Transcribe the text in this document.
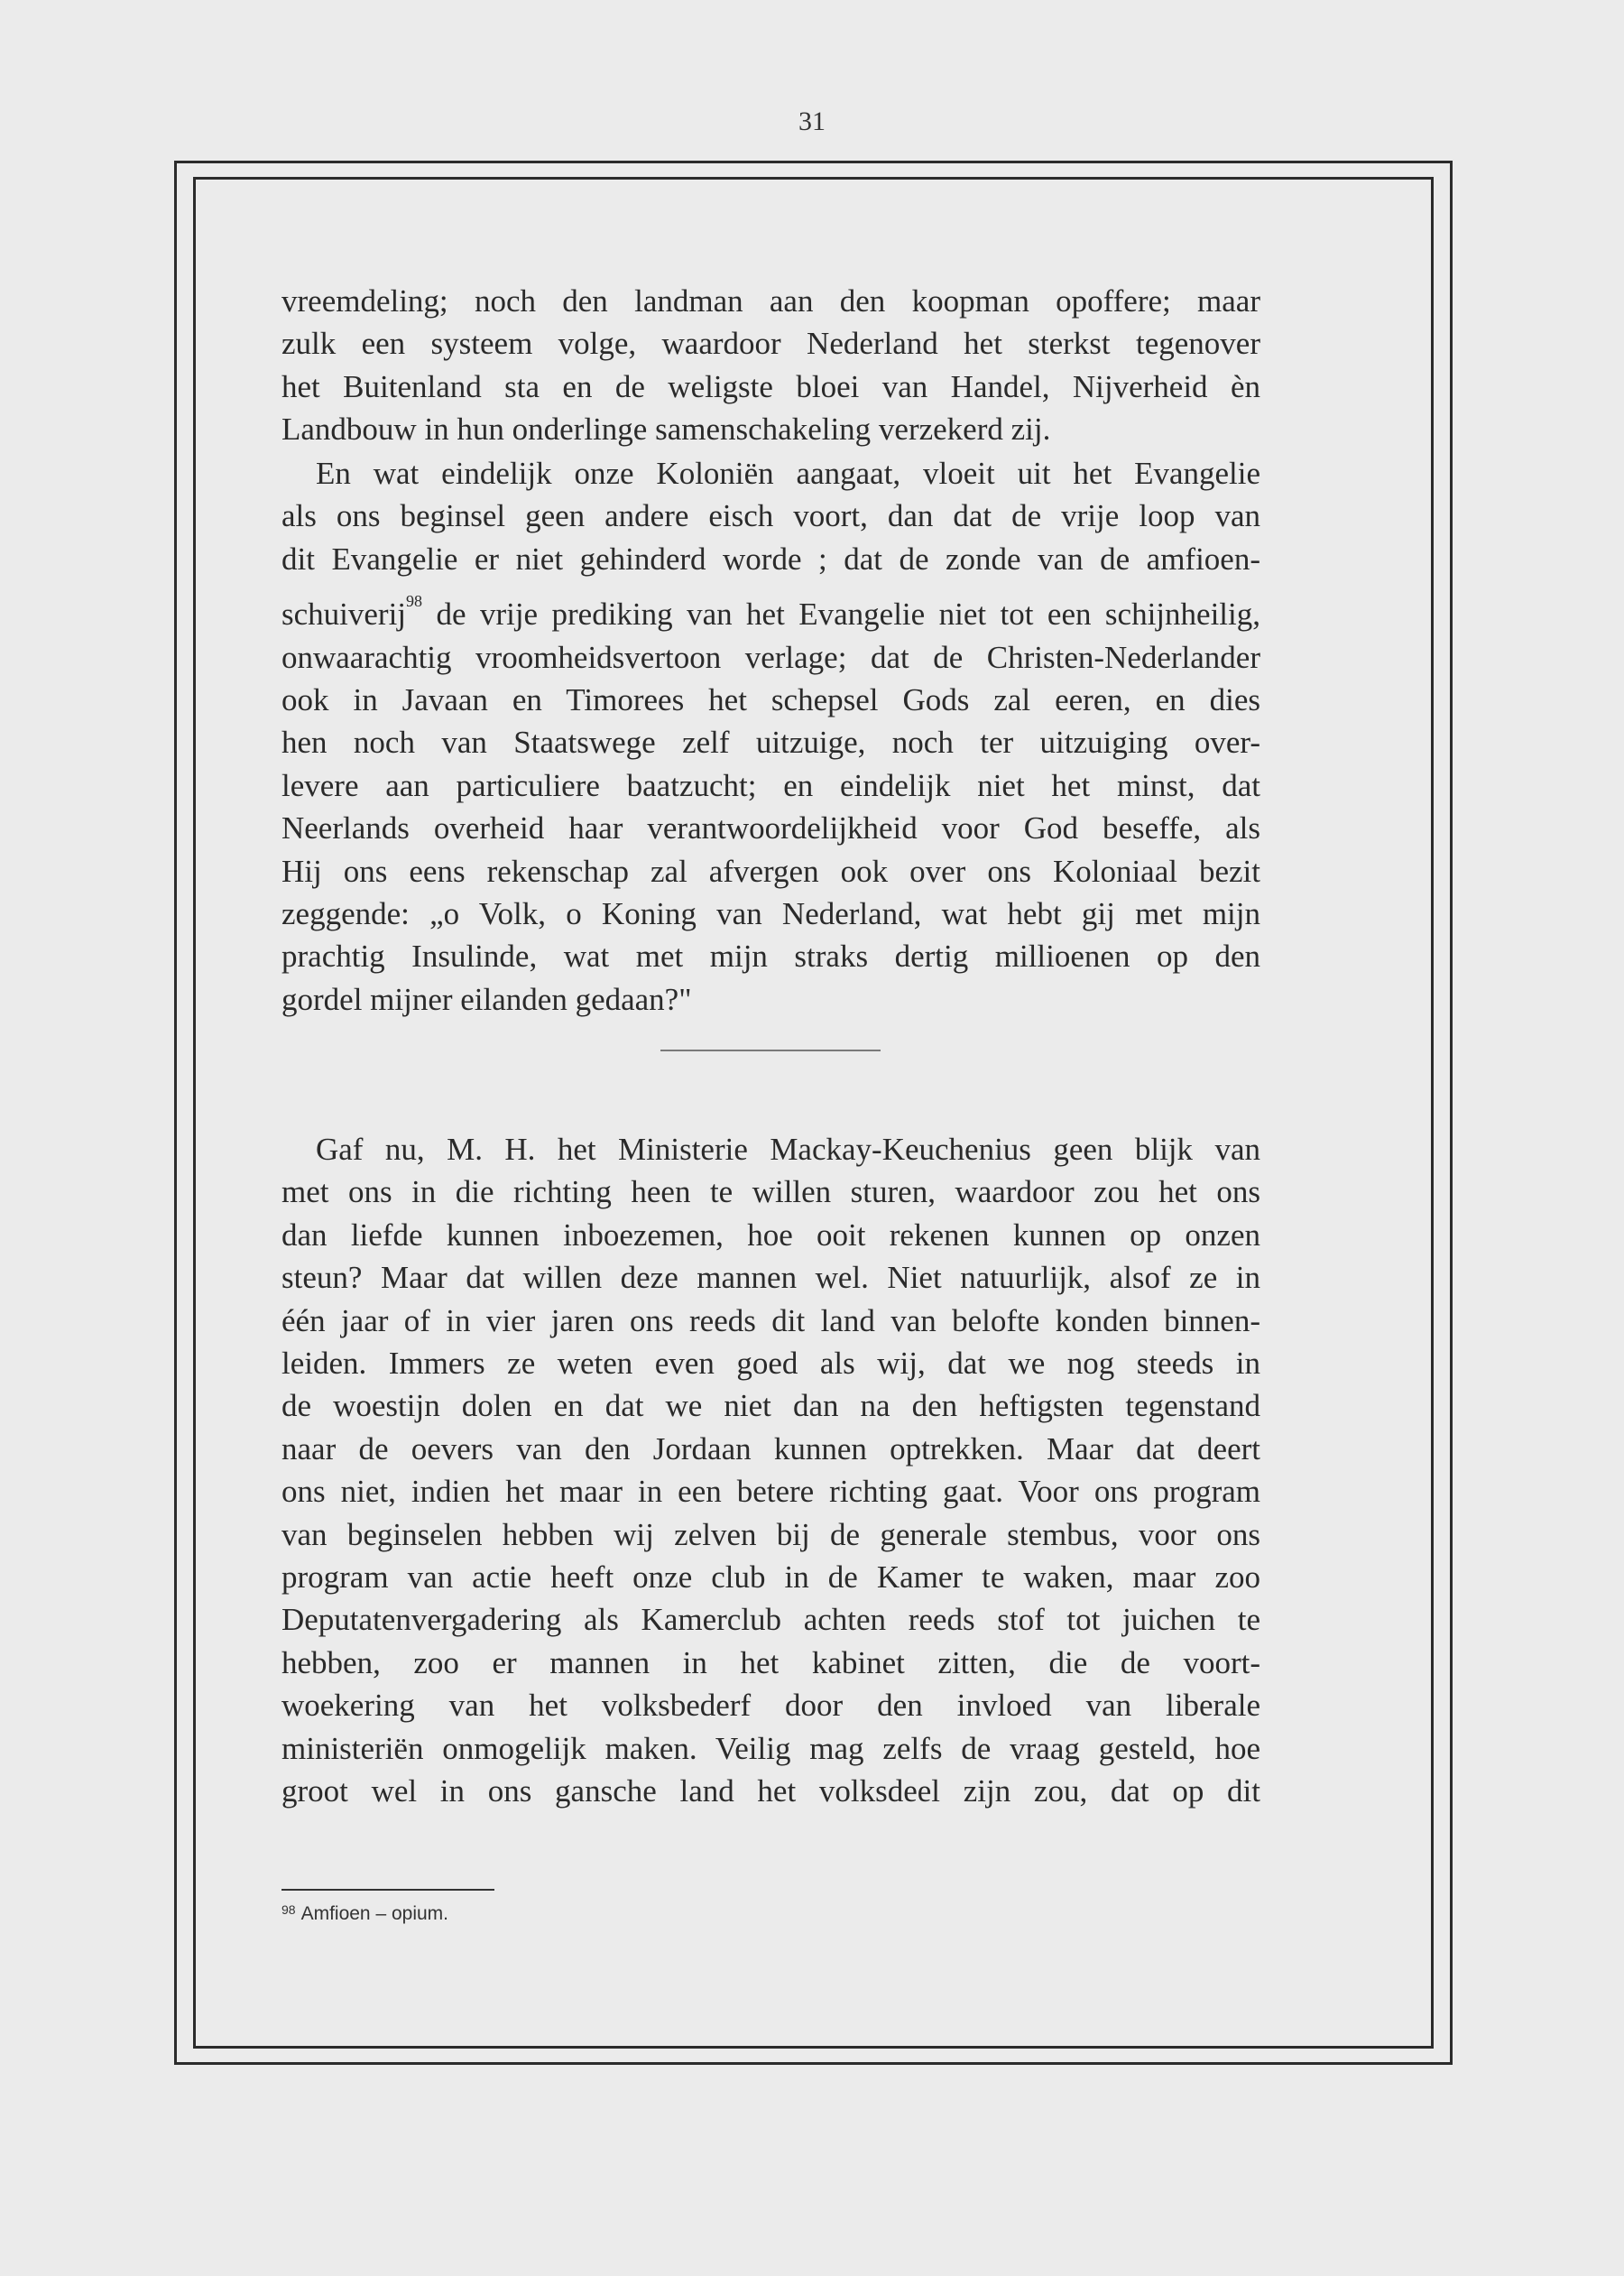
31
vreemdeling; noch den landman aan den koopman opoffere; maar
zulk een systeem volge, waardoor Nederland het sterkst tegenover
het Buitenland sta en de weligste bloei van Handel, Nijverheid èn
Landbouw in hun onderlinge samenschakeling verzekerd zij.
En wat eindelijk onze Koloniën aangaat, vloeit uit het Evangelie
als ons beginsel geen andere eisch voort, dan dat de vrije loop van
dit Evangelie er niet gehinderd worde ; dat de zonde van de amfioen-
schuiverij$^{98}$ de vrije prediking van het Evangelie niet tot een schijnheilig,
onwaarachtig vroomheidsvertoon verlage; dat de Christen-Nederlander
ook in Javaan en Timorees het schepsel Gods zal eeren, en dies
hen noch van Staatswege zelf uitzuige, noch ter uitzuiging over-
levere aan particuliere baatzucht; en eindelijk niet het minst, dat
Neerlands overheid haar verantwoordelijkheid voor God beseffe, als
Hij ons eens rekenschap zal afvergen ook over ons Koloniaal bezit
zeggende: „o Volk, o Koning van Nederland, wat hebt gij met mijn
prachtig Insulinde, wat met mijn straks dertig millioenen op den
gordel mijner eilanden gedaan?"
Gaf nu, M. H. het Ministerie Mackay-Keuchenius geen blijk van
met ons in die richting heen te willen sturen, waardoor zou het ons
dan liefde kunnen inboezemen, hoe ooit rekenen kunnen op onzen
steun? Maar dat willen deze mannen wel. Niet natuurlijk, alsof ze in
één jaar of in vier jaren ons reeds dit land van belofte konden binnen-
leiden. Immers ze weten even goed als wij, dat we nog steeds in
de woestijn dolen en dat we niet dan na den heftigsten tegenstand
naar de oevers van den Jordaan kunnen optrekken. Maar dat deert
ons niet, indien het maar in een betere richting gaat. Voor ons program
van beginselen hebben wij zelven bij de generale stembus, voor ons
program van actie heeft onze club in de Kamer te waken, maar zoo
Deputatenvergadering als Kamerclub achten reeds stof tot juichen te
hebben, zoo er mannen in het kabinet zitten, die de voort-
woekering van het volksbederf door den invloed van liberale
ministeriën onmogelijk maken. Veilig mag zelfs de vraag gesteld, hoe
groot wel in ons gansche land het volksdeel zijn zou, dat op dit
$^{98}$ Amfioen – opium.
